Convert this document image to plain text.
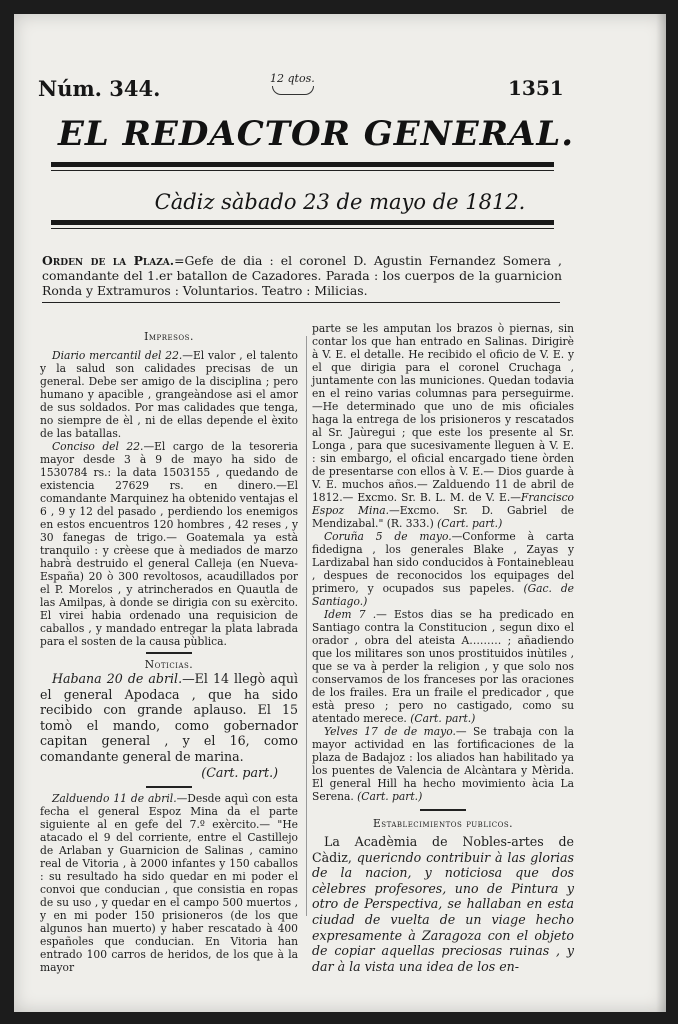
Núm. 344.	12 qtos.	1351
EL REDACTOR GENERAL.
Càdiz sàbado 23 de mayo de 1812.
Orden de la Plaza.=Gefe de dia : el coronel D. Agustin Fernandez Somera , comandante del 1.er batallon de Cazadores. Parada : los cuerpos de la guarnicion Ronda y Extramuros : Voluntarios. Teatro : Milicias.

Impresos.

Diario mercantil del 22.—El valor , el talento y la salud son calidades precisas de un general. Debe ser amigo de la disciplina ; pero humano y apacible , grangeàndose asi el amor de sus soldados. Por mas calidades que tenga, no siempre de èl , ni de ellas depende el èxito de las batallas.

Concisο del 22.—El cargo de la tesoreria mayor desde 3 à 9 de mayo ha sido de 1530784 rs.: la data 1503155 , quedando de existencia 27629 rs. en dinero.—El comandante Marquinez ha obtenido ventajas el 6 , 9 y 12 del pasado , perdiendo los enemigos en estos encuentros 120 hombres , 42 reses , y 30 fanegas de trigo.— Goatemala ya està tranquilo : y crèese que à mediados de marzo habrà destruido el general Calleja (en Nueva-España) 20 ò 300 revoltosos, acaudillados por el P. Morelos , y atrincherados en Quautla de las Amilpas, à donde se dirigia con su exèrcito. El virei habia ordenado una requisicion de caballos , y mandado entregar la plata labrada para el sosten de la causa pùblica.

Noticias.

Habana 20 de abril.—El 14 llegò aquì el general Apodaca , que ha sido recibido con grande aplauso. El 15 tomò el mando, como gobernador capitan general , y el 16, como comandante general de marina.

(Cart. part.)

Zalduendo 11 de abril.—Desde aquì con esta fecha el general Espoz Mina da el parte siguiente al en gefe del 7.º exèrcito.— "He atacado el 9 del corriente, entre el Castillejo de Arlaban y Guarnicion de Salinas , camino real de Vitoria , à 2000 infantes y 150 caballos : su resultado ha sido quedar en mi poder el convoi que conducian , que consistia en ropas de su uso , y quedar en el campo 500 muertos , y en mi poder 150 prisioneros (de los que algunos han muerto) y haber rescatado à 400 españoles que conducian. En Vitoria han entrado 100 carros de heridos, de los que à la mayor

parte se les amputan los brazos ò piernas, sin contar los que han entrado en Salinas. Dirigirè à V. E. el detalle. He recibido el oficio de V. E. y el que dirigia para el coronel Cruchaga , juntamente con las municiones. Quedan todavia en el reino varias columnas para perseguirme.—He determinado que uno de mis oficiales haga la entrega de los prisioneros y rescatados al Sr. Jaùregui ; que este los presente al Sr. Longa , para que sucesivamente lleguen à V. E. : sin embargo, el oficial encargado tiene òrden de presentarse con ellos à V. E.— Dios guarde à V. E. muchos años.— Zalduendo 11 de abril de 1812.— Excmo. Sr. B. L. M. de V. E.—Francisco Espoz Mina.—Excmo. Sr. D. Gabriel de Mendizabal." (R. 333.) (Cart. part.)

Coruña 5 de mayo.—Conforme à carta fidedigna , los generales Blake , Zayas y Lardizabal han sido conducidos à Fontainebleau , despues de reconocidos los equipages del primero, y ocupados sus papeles. (Gac. de Santiago.)

Idem 7 .— Estos dias se ha predicado en Santiago contra la Constitucion , segun dixo el orador , obra del ateista A……… ; añadiendo que los militares son unos prostituidos inùtiles , que se va à perder la religion , y que solo nos conservamos de los franceses por las oraciones de los frailes. Era un fraile el predicador , que està preso ; pero no castigado, como su atentado merece. (Cart. part.)

Yelves 17 de de mayo.— Se trabaja con la mayor actividad en las fortificaciones de la plaza de Badajoz : los aliados han habilitado ya los puentes de Valencia de Alcàntara y Mèrida. El general Hill ha hecho movimiento àcia La Serena. (Cart. part.)

Establecimientos publicos.

La Acadèmia de Nobles-artes de Càdiz, quericndo contribuir à las glorias de la nacion, y noticiosa que dos cèlebres profesores, uno de Pintura y otro de Perspectiva, se hallaban en esta ciudad de vuelta de un viage hecho expresamente à Zaragoza con el objeto de copiar aquellas preciosas ruinas , y dar à la vista una idea de los en-
